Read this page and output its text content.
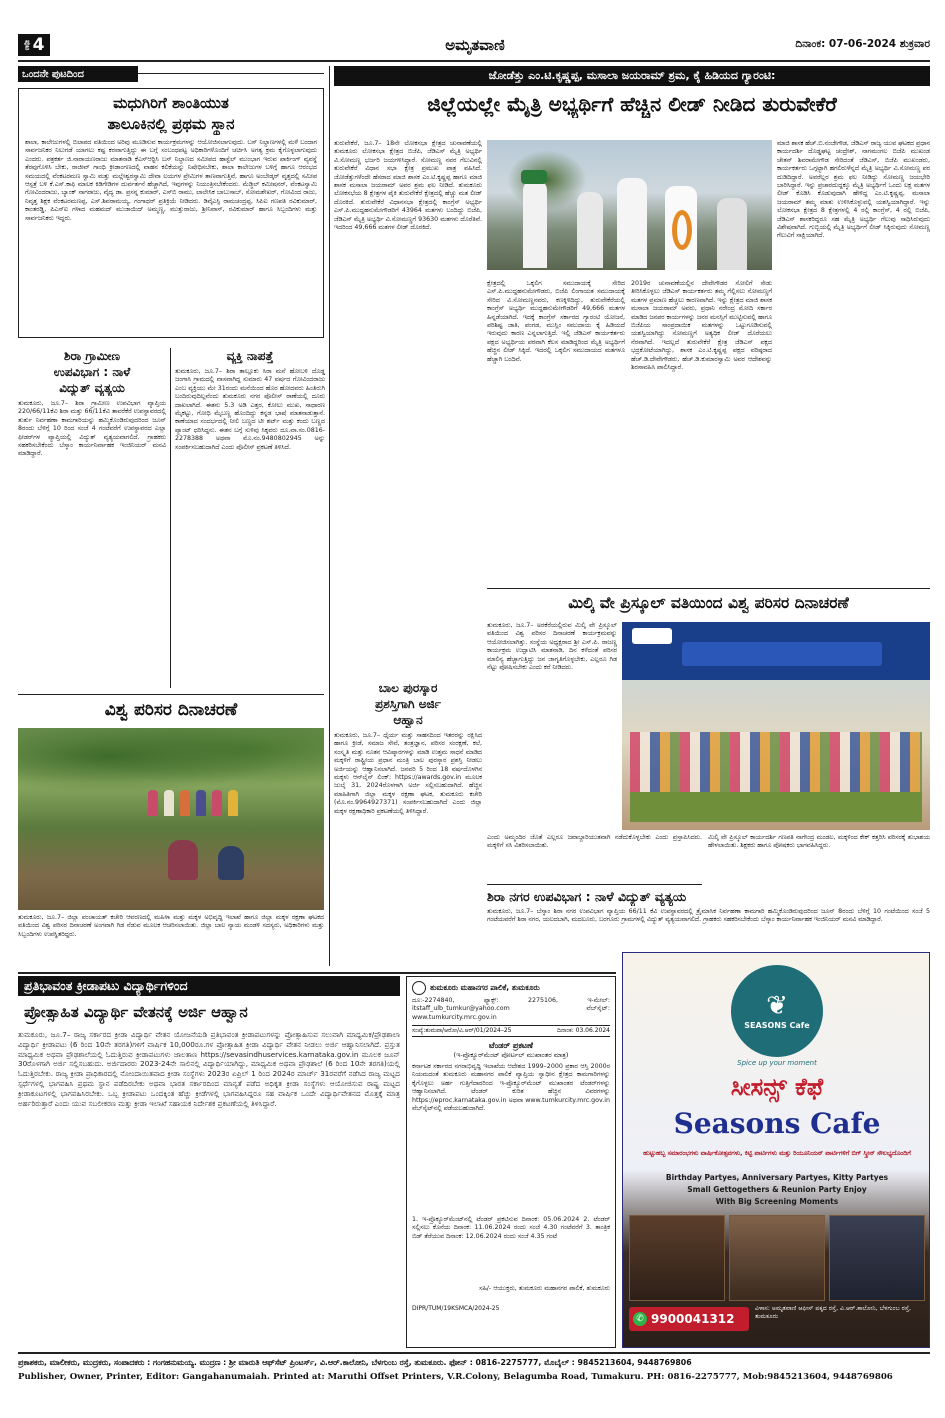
ಪುಟ 4	ಅಮೃತವಾಣಿ	ದಿನಾಂಕ: 07-06-2024 ಶುಕ್ರವಾರ
ಒಂದನೇ ಪುಟದಿಂದ
ಮಧುಗಿರಿಗೆ ಶಾಂತಿಯುತ
ತಾಲೂಕಿನಲ್ಲಿ ಪ್ರಥಮ ಸ್ಥಾನ
ಶಾಲಾ, ಕಾಲೇಜುಗಳಲ್ಲಿ ಬಿಲಾಪದ ವತಿಯಿಂದ ಅರಿವು ಮೂಡಿಸುವ ಕಾರ್ಯಕ್ರಮಗಳನ್ನು ಆಯೋಜಿಸಲಾಗುವುದು. ಬಸ್ ನಿಲ್ದಾಣಗಳಲ್ಲಿ ಮಳೆ ಬಂದಾಗ ಸಾರ್ವಜನಿಕರ ನಿಲುಗಡೆ ಯಾಗಲು ಕಷ್ಟ ಕರವಾಗುತ್ತಿದ್ದು ಈ ಬಗ್ಗೆ ಸಂಬಂಧಪಟ್ಟ ಅಧಿಕಾರಿಗಳೊಂದಿಗೆ ಚರ್ಚಿಸಿ ಅಗತ್ಯ ಕ್ರಮ ಕೈಗೊಳ್ಳಲಾಗುವುದು ಎಂದರು. ಪತ್ರಕರ್ತ ಜಿ.ನಾರಾಯಣರಾಜು ಮಾತನಾಡಿ ಕೆಎಸ್‍ಆರ್‍ಟಿಸಿ ಬಸ್ ನಿಲ್ದಾಣದ ಸಮೀಪದ ಹಾಸ್ಟೆಲ್ ಮುಂಭಾಗ ಇರುವ ಪಾರ್ಕಿಂಗ್ ವ್ಯವಸ್ಥೆ ತೆರವುಗೊಳಿಸಿ ಬೇಕು, ರಾಜೀವ್ ಗಾಂಧಿ ಕ್ರೀಡಾಂಗಣದಲ್ಲಿ ವಾಹನ ಕಲಿಕೆಯನ್ನು ನಿಷೇಧಿಸಬೇಕು, ಶಾಲಾ ಕಾಲೇಜುಗಳ ಬಳಿಗ್ಗೆ ಹಾಗೂ ಆರಂಭದ ಸಮಯದಲ್ಲಿ ವೆಂಕಟರಮಣ ಸ್ವಾಮಿ ಮತ್ತು ಮಲ್ಲೇಶ್ವರಸ್ವಾಮಿ ದೇವಾ ಲಯಗಳ ಪ್ರೇಮಿಗಳ ತಾಣವಾಗುತ್ತಿವೆ, ಹಾಗೂ ಅಂಬೇಡ್ಕರ್ ವೃತ್ತದಲ್ಲಿ ಸಮೀಪ ಆಸ್ಪತ್ರೆ ಬಳಿ ಕೆ.ಎಸ್.ಕಾಫಿ ಮಾಲಕ ಕಿಡಿಗೇಡಿಗಳ ದುರ್ವರ್ತನೆ ಹೆಚ್ಚಾಗಿದೆ, ಇವುಗಳನ್ನು ನಿಯಂತ್ರಿಸಬೇಕೆಂದರು. ಮೆಡ್ಜಿಲ್ ಕಮೀಷನರ್, ವೆಂಕಟಸ್ವಾಮಿ ಗೋವಿಂದರಾಜು, ಬ್ಯಾಂಕ್ ನಾಗರಾಜು, ವೈದ್ಯ ಡಾ. ಪ್ರಸನ್ನ ಕುಮಾರ್, ಎಸ್‍ಬಿ ರಾಮು, ಲಾಲೇಸಿಕ ಬಾಬುಸಾಬ್, ಸೋಮಶೇಖರ್, ಗೋವಿಂದ ರಾಜು, ನಿವೃತ್ತ ಶಿಕ್ಷಕ ವೆಂಕಟರಮಣಪ್ಪ, ಎಸ್.ಶಿವರಾಮಯ್ಯ, ಗಂಗಾಧರ್ ಪ್ರತಿಕ್ರಿಯೆ ನೀಡಿದರು. ಡಿವೈಎಸ್ಪಿ ರಾಮಚಂದ್ರಪ್ಪ, ಸಿಪಿಐ ಗಣಪತಿ ರವಿಕುಮಾರ್, ಕಾಂತರಡ್ಡಿ, ಪಿಎಸ್ಐ ಗಳಾದ ಮಹಮದ್ ಮುಜಾಯಿದ್ ಅಮ್ಮಣ್ಣ, ಮುತ್ತುರಾಜು, ಶ್ರೀನಿವಾಸ್, ರವಿಕುಮಾರ್ ಹಾಗೂ ಸಿಬ್ಬಂದಿಗಳು ಮತ್ತು ಸಾರ್ವಜನಿಕರು ಇದ್ದರು.
ಶಿರಾ ಗ್ರಾಮೀಣ
ಉಪವಿಭಾಗ : ನಾಳೆ
ವಿದ್ಯುತ್ ವ್ಯತ್ಯಯ
ತುಮಕೂರು, ಜೂ.7– ಶಿರಾ ಗ್ರಾಮೀಣ ಉಪವಿಭಾಗ ವ್ಯಾಪ್ತಿಯ 220/66/11ಕೆವಿ ಶಿರಾ ಮತ್ತು 66/11ಕೆವಿ ತಾವರೆಕೆರೆ ಉಪಸ್ಥಾವರದಲ್ಲಿ ತುರ್ತು ನಿರ್ವಹಣಾ ಕಾಮಗಾರಿಯನ್ನು ಹಮ್ಮಿಕೊಂಡಿರುವುದರಿಂದ ಜೂನ್ 8ರಂದು ಬೆಳಿಗ್ಗೆ 10 ರಿಂದ ಸಂಜೆ 4 ಗಂಟೆವರೆಗೆ ಉಪಸ್ಥಾವರದ ಎಲ್ಲಾ ಫೀಡರ್‌ಗಳ ವ್ಯಾಪ್ತಿಯಲ್ಲಿ ವಿದ್ಯುತ್ ವ್ಯತ್ಯಯವಾಗಲಿದೆ. ಗ್ರಾಹಕರು ಸಹಕರಿಸಬೇಕೆಂದು ಬೆಸ್ಕಾಂ ಕಾರ್ಯನಿರ್ವಾಹಕ ಇಂಜಿನಿಯರ್ ಮನವಿ ಮಾಡಿದ್ದಾರೆ.
ವ್ಯಕ್ತಿ ನಾಪತ್ತೆ
ತುಮಕೂರು, ಜೂ.7– ಶಿರಾ ತಾಲ್ಲೂಕು ಸಿರಾ ಮನೆ ಹೋಬಳಿ ದೊಡ್ಡ ಜಂಗಾಸಿ ಗ್ರಾಮದಲ್ಲಿ ವಾಸವಾಗಿದ್ದ ಸುಮಾರು 47 ವರ್ಷದ ಗೋವಿಂದರಾಜು ಎಂಬ ವ್ಯಕ್ತಿಯು ಮೇ 31ರಂದು ಮನೆಯಿಂದ ಹೊರ ಹೋದವರು ಹಿಂತಿರುಗಿ ಬಂದಿರುವುದಿಲ್ಲವೆಂದು ತುಮಕೂರು ನಗರ ಪೊಲೀಸ್ ಠಾಣೆಯಲ್ಲಿ ದೂರು ದಾಖಲಾಗಿದೆ. ಈತನು 5.3 ಅಡಿ ಎತ್ತರ, ಕೋಲು ಮುಖ, ಸಾಧಾರಣ ಮೈಕಟ್ಟು, ಗೋಧಿ ಮೈಬಣ್ಣ ಹೊಂದಿದ್ದು ಕನ್ನಡ ಭಾಷೆ ಮಾತನಾಡುತ್ತಾನೆ. ಕಾಣೆಯಾದ ಸಂದರ್ಭದಲ್ಲಿ ನೀಲಿ ಬಣ್ಣದ ಟೀ ಶರ್ಟ್ ಮತ್ತು ಕಂದು ಬಣ್ಣದ ಪ್ಯಾಂಟ್ ಧರಿಸಿದ್ದನು. ಈತನ ಬಗ್ಗೆ ಸುಳಿವು ಸಿಕ್ಕವರು ದೂ.ವಾ.ಸಂ.0816-2278388 ಅಥವಾ ಮೊ.ನಂ.9480802945 ಅನ್ನು ಸಂಪರ್ಕಿಸಬಹುದಾಗಿದೆ ಎಂದು ಪೊಲೀಸ್ ಪ್ರಕಟಣೆ ತಿಳಿಸಿದೆ.
ವಿಶ್ವ ಪರಿಸರ ದಿನಾಚರಣೆ
ತುಮಕೂರು, ಜೂ.7– ಜಿಲ್ಲಾ ಪಂಚಾಯತ್ ಕಚೇರಿ ಆವರಣದಲ್ಲಿ ಮಹಿಳಾ ಮತ್ತು ಮಕ್ಕಳ ಅಭಿವೃದ್ಧಿ ಇಲಾಖೆ ಹಾಗೂ ಜಿಲ್ಲಾ ಮಕ್ಕಳ ರಕ್ಷಣಾ ಘಟಕದ ವತಿಯಿಂದ ವಿಶ್ವ ಪರಿಸರ ದಿನಾಚರಣೆ ಅಂಗವಾಗಿ ಗಿಡ ನೆಡುವ ಮೂಲಕ ಆಚರಿಸಲಾಯಿತು. ಜಿಲ್ಲಾ ಬಾಲ ನ್ಯಾಯ ಮಂಡಳಿ ಸದಸ್ಯರು, ಅಧಿಕಾರಿಗಳು ಮತ್ತು ಸಿಬ್ಬಂದಿಗಳು ಉಪಸ್ಥಿತರಿದ್ದರು.
ಬಾಲ ಪುರಸ್ಕಾರ
ಪ್ರಶಸ್ತಿಗಾಗಿ ಅರ್ಜಿ
ಆಹ್ವಾನ
ತುಮಕೂರು, ಜೂ.7– ಧೈರ್ಯ ಮತ್ತು ಸಾಹಸದಿಂದ ಇತರರನ್ನು ರಕ್ಷಿಸಿದ ಹಾಗೂ ಕ್ರೀಡೆ, ಸಮಾಜ ಸೇವೆ, ತಂತ್ರಜ್ಞಾನ, ಪರಿಸರ ಸಂರಕ್ಷಣೆ, ಕಲೆ, ಸಂಸ್ಕೃತಿ ಮತ್ತು ನೂತನ ಆವಿಷ್ಕಾರಗಳನ್ನು ಮಾಡಿ ಉತ್ತಮ ಸಾಧನೆ ಮಾಡಿದ ಮಕ್ಕಳಿಗೆ ರಾಷ್ಟ್ರೀಯ ಪ್ರಧಾನ ಮಂತ್ರಿ ಬಾಲ ಪುರಸ್ಕಾರ ಪ್ರಶಸ್ತಿ ನೀಡಲು ಅರ್ಜಿಯನ್ನು ಆಹ್ವಾನಿಸಲಾಗಿದೆ. ಜನವರಿ 5 ರಿಂದ 18 ವರ್ಷದೊಳಗಿನ ಮಕ್ಕಳು ಆನ್‍ಲೈನ್ ಲಿಂಕ್: https://awards.gov.in ಮೂಲಕ ಜುಲೈ 31, 2024ರೊಳಗಾಗಿ ಅರ್ಜಿ ಸಲ್ಲಿಸಬಹುದಾಗಿದೆ. ಹೆಚ್ಚಿನ ಮಾಹಿತಿಗಾಗಿ ಜಿಲ್ಲಾ ಮಕ್ಕಳ ರಕ್ಷಣಾ ಘಟಕ, ತುಮಕೂರು ಕಚೇರಿ (ಮೊ.ನಂ.9964927371) ಸಂಪರ್ಕಿಸಬಹುದಾಗಿದೆ ಎಂದು ಜಿಲ್ಲಾ ಮಕ್ಕಳ ರಕ್ಷಣಾಧಿಕಾರಿ ಪ್ರಕಟಣೆಯಲ್ಲಿ ತಿಳಿಸಿದ್ದಾರೆ.
ಜೋಡೆತ್ತು ಎಂ.ಟಿ.ಕೃಷ್ಣಪ್ಪ, ಮಸಾಲಾ ಜಯರಾಮ್ ಶ್ರಮ, ಕೈ ಹಿಡಿಯದ ಗ್ಯಾರಂಟಿ:
ಜಿಲ್ಲೆಯಲ್ಲೇ ಮೈತ್ರಿ ಅಭ್ಯರ್ಥಿಗೆ ಹೆಚ್ಚಿನ ಲೀಡ್ ನೀಡಿದ ತುರುವೇಕೆರೆ
ತುರುವೇಕೆರೆ, ಜೂ.7– 18ನೇ ಲೋಕಸಭಾ ಕ್ಷೇತ್ರದ ಚುನಾವಣೆಯಲ್ಲಿ ತುಮಕೂರು ಲೋಕಸಭಾ ಕ್ಷೇತ್ರದ ಬಿಜೆಪಿ, ಜೆಡಿಎಸ್ ಮೈತ್ರಿ ಅಭ್ಯರ್ಥಿ ವಿ.ಸೋಮಣ್ಣ ಭರ್ಜರಿ ಜಯಗಳಿಸಿದ್ದಾರೆ. ಸೋಮಣ್ಣ ನವರ ಗೆಲುವಿನಲ್ಲಿ ತುರುವೇಕೆರೆ ವಿಧಾನ ಸಭಾ ಕ್ಷೇತ್ರ ಪ್ರಮುಖ ಪಾತ್ರ ವಹಿಸಿದೆ. ಜೋಡೆತ್ತುಗಳೆಂದೇ ಹೆಸರಾದ ಮಾಜಿ ಶಾಸಕ ಎಂ.ಟಿ.ಕೃಷ್ಣಪ್ಪ ಹಾಗೂ ಮಾಜಿ ಶಾಸಕ ಮಸಾಲಾ ಜಯರಾಮ್ ಅವರ ಶ್ರಮ ಫಲ ನೀಡಿದೆ. ತುಮಕೂರು ಲೋಕಸಭೆಯ 8 ಕ್ಷೇತ್ರಗಳ ಪೈಕಿ ತುರುವೇಕೆರೆ ಕ್ಷೇತ್ರದಲ್ಲಿ ಹೆಚ್ಚು ಮತ ಲೀಡ್ ದೊರಕಿದೆ. ತುರುವೇಕೆರೆ ವಿಧಾನಸಭಾ ಕ್ಷೇತ್ರದಲ್ಲಿ ಕಾಂಗ್ರೆಸ್ ಅಭ್ಯರ್ಥಿ ಎಸ್.ಪಿ.ಮುದ್ದಹನುಮೇಗೌಡರಿಗೆ 43964 ಮತಗಳು ಬಂದಿದ್ದು ಬಿಜೆಪಿ, ಜೆಡಿಎಸ್ ಮೈತ್ರಿ ಅಭ್ಯರ್ಥಿ ವಿ.ಸೋಮಣ್ಣಗೆ 93630 ಮತಗಳು ದೊರೆತಿವೆ. ಇದರಿಂದ 49,666 ಮತಗಳ ಲೀಡ್ ದೊರಕಿದೆ.
ಕ್ಷೇತ್ರದಲ್ಲಿ ಒಕ್ಕಲಿಗ ಸಮುದಾಯಕ್ಕೆ ಸೇರಿದ ಎಸ್.ಪಿ.ಮುದ್ದಹನುಮೇಗೌಡರು, ಬಿಜೆಪಿ ಲಿಂಗಾಯತ ಸಮುದಾಯಕ್ಕೆ ಸೇರಿದ ವಿ.ಸೋಮಣ್ಣನವರು, ಕಣಕ್ಕಿಳಿದಿದ್ದು, ತುರುವೇಕೆರೆಯಲ್ಲಿ ಕಾಂಗ್ರೆಸ್ ಅಭ್ಯರ್ಥಿ ಮುದ್ದಹನುಮೇಗೌಡರಿಗೆ 49,666 ಮತಗಳ ಹಿನ್ನಡೆಯಾಗಿದೆ. ಇದಕ್ಕೆ ಕಾಂಗ್ರೆಸ್ ಸರ್ಕಾರದ ಗ್ಯಾರಂಟಿ ಯೋಜನೆ, ಪರಿಶಿಷ್ಟ ಜಾತಿ, ಪಂಗಡ, ಮುಸ್ಲಿಂ ಸಮುದಾಯ ಕೈ ಹಿಡಿಯದೆ ಇರುವುದು ಕಾರಣ ಎನ್ನಲಾಗುತ್ತಿದೆ. ಇಲ್ಲಿ ಜೆಡಿಎಸ್ ಕಾರ್ಯಕರ್ತರು ಪಕ್ಷದ ಅಭ್ಯರ್ಥಿಯ ಪರವಾಗಿ ಕೆಲಸ ಮಾಡಿದ್ದರಿಂದ ಮೈತ್ರಿ ಅಭ್ಯರ್ಥಿಗೆ ಹೆಚ್ಚಿನ ಲೀಡ್ ಸಿಕ್ಕಿದೆ. ಇದರಲ್ಲಿ ಒಕ್ಕಲಿಗ ಸಮುದಾಯದ ಮತಗಳೂ ಹೆಚ್ಚಾಗಿ ಬಂದಿವೆ.
2019ರ ಚುನಾವಣೆಯಲ್ಲಿನ ದೇವೇಗೌಡರ ಸೋಲಿಗೆ ಸೇಡು ತೀರಿಸಿಕೊಳ್ಳಲು ಜೆಡಿಎಸ್ ಕಾರ್ಯಕರ್ತರು ತಮ್ಮ ಗೆಲ್ಲಿಸಲು ಸೋಮಣ್ಣಗೆ ಮತಗಳ ಪ್ರಮಾಣ ಹೆಚ್ಚಲು ಕಾರಣವಾಗಿದೆ. ಇನ್ನು ಕ್ಷೇತ್ರದ ಮಾಜಿ ಶಾಸಕ ಮಸಾಲಾ ಜಯರಾಮ್ ಅವರು, ಪ್ರಧಾನಿ ನರೇಂದ್ರ ಮೋದಿ ಸರ್ಕಾರ ಮಾಡಿದ ಜನಪರ ಕಾರ್ಯಗಳನ್ನು ಜನರ ಮನಸ್ಸಿಗೆ ಮುಟ್ಟಿಸುವಲ್ಲಿ ಹಾಗೂ ಬಿಜೆಪಿಯ ಸಾಂಪ್ರದಾಯಿಕ ಮತಗಳನ್ನು ಒಟ್ಟುಗೂಡಿಸುವಲ್ಲಿ ಯಶಸ್ವಿಯಾಗಿದ್ದು ಸೋಮಣ್ಣಗೆ ಅತ್ಯಧಿಕ ಲೀಡ್ ದೊರೆಯಲು ನೆರವಾಗಿದೆ. ಇದಲ್ಲದೆ ತುರುವೇಕೆರೆ ಕ್ಷೇತ್ರ ಜೆಡಿಎಸ್ ಪಕ್ಷದ ಭದ್ರಕೋಟೆಯಾಗಿದ್ದು, ಶಾಸಕ ಎಂ.ಟಿ.ಕೃಷ್ಣಪ್ಪ ಪಕ್ಷದ ವರಿಷ್ಠರಾದ ಹೆಚ್.ಡಿ.ದೇವೇಗೌಡರು, ಹೆಚ್.ಡಿ.ಕುಮಾರಸ್ವಾಮಿ ಅವರ ಆದೇಶವನ್ನು ಶಿರಸಾವಹಿಸಿ ಪಾಲಿಸಿದ್ದಾರೆ.
ಮಾಜಿ ಶಾಸಕ ಹೆಚ್.ಬಿ.ನಂಜೇಗೌಡ, ಜೆಡಿಎಸ್ ರಾಜ್ಯ ಯುವ ಘಟಕದ ಪ್ರಧಾನ ಕಾರ್ಯದರ್ಶಿ ದೊಡ್ಡಘಟ್ಟ ಚಂದ್ರೇಶ್, ನಾಗಮಂಗಲ ಬಿಜೆಪಿ ಮುಖಂಡ ಚೇತನ್ ಶಿವರಾಮೇಗೌಡ ಸೇರಿದಂತೆ ಜೆಡಿಎಸ್, ಬಿಜೆಪಿ ಮುಖಂಡರು, ಕಾರ್ಯಕರ್ತರು ಒಗ್ಗಟ್ಟಾಗಿ ಹಗಲಿರುಳೆನ್ನದೆ ಮೈತ್ರಿ ಅಭ್ಯರ್ಥಿ ವಿ.ಸೋಮಣ್ಣ ಪರ ದುಡಿದಿದ್ದಾರೆ. ಅವರೆಲ್ಲರ ಶ್ರಮ ಫಲ ನೀಡಿದ್ದು ಸೋಮಣ್ಣ ಜಯಭೇರಿ ಬಾರಿಸಿದ್ದಾರೆ. ಇನ್ನು ಪ್ರಚಾರದುದ್ದಕ್ಕೂ ಮೈತ್ರಿ ಅಭ್ಯರ್ಥಿಗೆ ಒಂದು ಲಕ್ಷ ಮತಗಳ ಲೀಡ್ ಕೊಡಿಸಿ ಕೊಡುವುದಾಗಿ ಹೇಳಿದ್ದ ಎಂ.ಟಿ.ಕೃಷ್ಣಪ್ಪ, ಮಸಾಲಾ ಜಯರಾಮ್ ತಮ್ಮ ಮಾತು ಉಳಿಸಿಕೊಳ್ಳುವಲ್ಲಿ ಯಶಸ್ವಿಯಾಗಿದ್ದಾರೆ. ಇನ್ನು ಲೋಕಸಭಾ ಕ್ಷೇತ್ರದ 8 ಕ್ಷೇತ್ರಗಳಲ್ಲಿ 4 ರಲ್ಲಿ ಕಾಂಗ್ರೆಸ್, 4 ರಲ್ಲಿ ಬಿಜೆಪಿ, ಜೆಡಿಎಸ್ ಶಾಸಕರಿದ್ದರೂ ಸಹ ಮೈತ್ರಿ ಅಭ್ಯರ್ಥಿ ಗೆಲುವು ಸಾಧಿಸಿರುವುದು ವಿಶೇಷವಾಗಿದೆ. ಗುಬ್ಬಿಯಲ್ಲಿ ಮೈತ್ರಿ ಅಭ್ಯರ್ಥಿಗೆ ಲೀಡ್ ಸಿಕ್ಕಿರುವುದು ಸೋಮಣ್ಣ ಗೆಲುವಿಗೆ ಸಾಕ್ಷಿಯಾಗಿದೆ.
ಮಿಲ್ಕಿ ವೇ ಪ್ರಿಸ್ಕೂಲ್ ವತಿಯಿಂದ ವಿಶ್ವ ಪರಿಸರ ದಿನಾಚರಣೆ
ತುಮಕೂರು, ಜೂ.7– ಅರಕೆರೆಯಲ್ಲಿರುವ ಮಿಲ್ಕಿ ವೇ ಪ್ರಿಸ್ಕೂಲ್ ವತಿಯಿಂದ ವಿಶ್ವ ಪರಿಸರ ದಿನಾಚರಣೆ ಕಾರ್ಯಕ್ರಮವನ್ನು ಆಯೋಜಿಸಲಾಗಿತ್ತು. ಸಂಸ್ಥೆಯ ಅಧ್ಯಕ್ಷರಾದ ಶ್ರೀ ಎಸ್.ಪಿ. ರಾಜಣ್ಣ ಕಾರ್ಯಕ್ರಮ ಉದ್ಘಾಟಿಸಿ ಮಾತನಾಡಿ, ದಿನ ಕಳೆದಂತೆ ಪರಿಸರ ಮಾಲಿನ್ಯ ಹೆಚ್ಚಾಗುತ್ತಿದ್ದು ಜನ ಜಾಗೃತಿಗೊಳ್ಳಬೇಕು, ಎಲ್ಲರೂ ಗಿಡ ನೆಟ್ಟು ಪೋಷಿಸಬೇಕು ಎಂದು ಕರೆ ನೀಡಿದರು.
ಎಂದು ಅಮ್ಮಂದಿರ ಜೊತೆ ಎಲ್ಲರೂ ಜವಾಬ್ದಾರಿಯುತವಾಗಿ ನಡೆದುಕೊಳ್ಳಬೇಕು ಎಂದು ಪ್ರಸ್ತಾಪಿಸಿದರು. ಮಕ್ಕಳಿಗೆ ಸಸಿ ವಿತರಿಸಲಾಯಿತು.
ಮಿಲ್ಕಿ ವೇ ಪ್ರಿಸ್ಕೂಲ್ ಕಾರ್ಯದರ್ಶಿ ಗಣಪತಿ ನಾಗೇಂದ್ರ ಮಂಡಲ, ಮಕ್ಕಳಿಂದ ಕೇಕ್ ಕತ್ತರಿಸಿ ಪರಿಸರಕ್ಕೆ ಶುಭಾಶಯ ಹೇಳಲಾಯಿತು. ಶಿಕ್ಷಕರು ಹಾಗೂ ಪೋಷಕರು ಭಾಗವಹಿಸಿದ್ದರು.
ಶಿರಾ ನಗರ ಉಪವಿಭಾಗ : ನಾಳೆ ವಿದ್ಯುತ್ ವ್ಯತ್ಯಯ
ತುಮಕೂರು, ಜೂ.7– ಬೆಸ್ಕಾಂ ಶಿರಾ ನಗರ ಉಪವಿಭಾಗ ವ್ಯಾಪ್ತಿಯ 66/11 ಕೆವಿ ಉಪಸ್ಥಾವರದಲ್ಲಿ ತ್ರೈಮಾಸಿಕ ನಿರ್ವಹಣಾ ಕಾಮಗಾರಿ ಹಮ್ಮಿಕೊಂಡಿರುವುದರಿಂದ ಜೂನ್ 8ರಂದು ಬೆಳಿಗ್ಗೆ 10 ಗಂಟೆಯಿಂದ ಸಂಜೆ 5 ಗಂಟೆಯವರೆಗೆ ಶಿರಾ ನಗರ, ಯಲದಬಾಗಿ, ಮದಲೂರು, ಬರಗೂರು ಗ್ರಾಮಗಳಲ್ಲಿ ವಿದ್ಯುತ್ ವ್ಯತ್ಯಯವಾಗಲಿದೆ. ಗ್ರಾಹಕರು ಸಹಕರಿಸಬೇಕೆಂದು ಬೆಸ್ಕಾಂ ಕಾರ್ಯನಿರ್ವಾಹಕ ಇಂಜಿನಿಯರ್ ಮನವಿ ಮಾಡಿದ್ದಾರೆ.
ಪ್ರತಿಭಾವಂತ ಕ್ರೀಡಾಪಟು ವಿದ್ಯಾರ್ಥಿಗಳಿಂದ
ಪ್ರೋತ್ಸಾಹಿತ ವಿದ್ಯಾರ್ಥಿ ವೇತನಕ್ಕೆ ಅರ್ಜಿ ಆಹ್ವಾನ
ತುಮಕೂರು, ಜೂ.7– ರಾಜ್ಯ ಸರ್ಕಾರದ ಕ್ರೀಡಾ ವಿದ್ಯಾರ್ಥಿ ವೇತನ ಯೋಜನೆಯಡಿ ಪ್ರತಿಭಾವಂತ ಕ್ರೀಡಾಪಟುಗಳನ್ನು ಪ್ರೋತ್ಸಾಹಿಸುವ ಸಲುವಾಗಿ ಮಾಧ್ಯಮಿಕ/ಪ್ರೌಢಶಾಲಾ ವಿದ್ಯಾರ್ಥಿ ಕ್ರೀಡಾಪಟು (6 ರಿಂದ 10ನೇ ತರಗತಿ)ಗಳಿಗೆ ವಾರ್ಷಿಕ 10,000ರೂ.ಗಳ ಪ್ರೋತ್ಸಾಹಿತ ಕ್ರೀಡಾ ವಿದ್ಯಾರ್ಥಿ ವೇತನ ನೀಡಲು ಅರ್ಜಿ ಆಹ್ವಾನಿಸಲಾಗಿದೆ. ಪ್ರಸ್ತುತ ಮಾಧ್ಯಮಿಕ ಅಥವಾ ಪ್ರೌಢಶಾಲೆಯಲ್ಲಿ ಓದುತ್ತಿರುವ ಕ್ರೀಡಾಪಟುಗಳು ಜಾಲತಾಣ https://sevasindhuservices.karnataka.gov.in ಮೂಲಕ ಜೂನ್ 30ರೊಳಗಾಗಿ ಅರ್ಜಿ ಸಲ್ಲಿಸಬಹುದು. ಅರ್ಜಿದಾರರು 2023-24ನೇ ಸಾಲಿನಲ್ಲಿ ವಿದ್ಯಾರ್ಥಿಯಾಗಿದ್ದು, ಮಾಧ್ಯಮಿಕ ಅಥವಾ ಪ್ರೌಢಶಾಲೆ (6 ರಿಂದ 10ನೇ ತರಗತಿ)ಯಲ್ಲಿ ಓದುತ್ತಿರಬೇಕು. ರಾಜ್ಯ ಕ್ರೀಡಾ ಪ್ರಾಧಿಕಾರದಲ್ಲಿ ನೋಂದಾಯಿತವಾದ ಕ್ರೀಡಾ ಸಂಸ್ಥೆಗಳು 2023ರ ಏಪ್ರಿಲ್ 1 ರಿಂದ 2024ರ ಮಾರ್ಚ್ 31ರವರೆಗೆ ನಡೆಸಿದ ರಾಜ್ಯ ಮಟ್ಟದ ಸ್ಪರ್ಧೆಗಳಲ್ಲಿ ಭಾಗವಹಿಸಿ ಪ್ರಥಮ ಸ್ಥಾನ ಪಡೆದಿರಬೇಕು ಅಥವಾ ಭಾರತ ಸರ್ಕಾರದಿಂದ ಮಾನ್ಯತೆ ಪಡೆದ ಅಧಿಕೃತ ಕ್ರೀಡಾ ಸಂಸ್ಥೆಗಳು ಆಯೋಜಿಸುವ ರಾಷ್ಟ್ರ ಮಟ್ಟದ ಕ್ರೀಡಾಕೂಟಗಳಲ್ಲಿ ಭಾಗವಹಿಸಿರಬೇಕು. ಒಬ್ಬ ಕ್ರೀಡಾಪಟು ಒಂದಕ್ಕಿಂತ ಹೆಚ್ಚು ಕ್ರೀಡೆಗಳಲ್ಲಿ ಭಾಗವಹಿಸಿದ್ದರೂ ಸಹ ವಾರ್ಷಿಕ ಒಂದೇ ವಿದ್ಯಾರ್ಥಿವೇತನದ ಮೊತ್ತಕ್ಕೆ ಮಾತ್ರ ಅರ್ಹರಿರುತ್ತಾರೆ ಎಂದು ಯುವ ಸಬಲೀಕರಣ ಮತ್ತು ಕ್ರೀಡಾ ಇಲಾಖೆ ಸಹಾಯಕ ನಿರ್ದೇಶಕ ಪ್ರಕಟಣೆಯಲ್ಲಿ ತಿಳಿಸಿದ್ದಾರೆ.
ತುಮಕೂರು ಮಹಾನಗರ ಪಾಲಿಕೆ, ತುಮಕೂರು
ದೂ:-2274840, ಫ್ಯಾಕ್ಸ್: 2275106, ಇ-ಮೇಲ್: itstaff_ulb_tumkur@yahoo.com ವೆಬ್‌ಸೈಟ್: www.tumkurcity.mrc.gov.in
ಸಂಖ್ಯೆ:ತುಮಪಾ/ಆರೋ/ವಿ.ಆರ್/01/2024–25	ದಿನಾಂಕ: 03.06.2024
ಟೆಂಡರ್ ಪ್ರಕಟಣೆ
(ಇ-ಪ್ರೊಕ್ಯೂರ್‌ಮೆಂಟ್ ಪೋರ್ಟಲ್ ಮುಖಾಂತರ ಮಾತ್ರ)
ಕರ್ನಾಟಕ ಸರ್ಕಾರದ ನಗರಾಭಿವೃದ್ಧಿ ಇಲಾಖೆಯ ಆದೇಶದ 1999–2000 ಪ್ರಕಾರ ಆಸ್ತಿ 2000ರ ನಿಯಮದಂತೆ ತುಮಕೂರು ಮಹಾನಗರ ಪಾಲಿಕೆ ವ್ಯಾಪ್ತಿಯ ಸ್ವಾಧೀನ ಕ್ಷೇತ್ರದ ಕಾಮಗಾರಿಗಳನ್ನು ಕೈಗೊಳ್ಳಲು ಅರ್ಹ ಗುತ್ತಿಗೆದಾರರಿಂದ ಇ-ಪ್ರೊಕ್ಯೂರ್‌ಮೆಂಟ್ ಮುಖಾಂತರ ಟೆಂಡರ್‌ಗಳನ್ನು ಆಹ್ವಾನಿಸಲಾಗಿದೆ. ಟೆಂಡರ್ ಕುರಿತ ಹೆಚ್ಚಿನ ವಿವರಗಳನ್ನು https://eproc.karnataka.gov.in ಅಥವಾ www.tumkurcity.mrc.gov.in ವೆಬ್‌ಸೈಟ್‌ನಲ್ಲಿ ಪಡೆಯಬಹುದಾಗಿದೆ.
1. ಇ-ಪ್ರೊಕ್ಯೂರ್‌ಮೆಂಟ್‌ನಲ್ಲಿ ಟೆಂಡರ್ ಪ್ರಕಟಿಸುವ ದಿನಾಂಕ: 05.06.2024 2. ಟೆಂಡರ್ ಸಲ್ಲಿಸಲು ಕೊನೆಯ ದಿನಾಂಕ: 11.06.2024 ರಂದು ಸಂಜೆ 4.30 ಗಂಟೆವರೆಗೆ 3. ತಾಂತ್ರಿಕ ಬಿಡ್ ತೆರೆಯುವ ದಿನಾಂಕ: 12.06.2024 ರಂದು ಸಂಜೆ 4.35 ಗಂಟೆ
ಸಹಿ/- ಆಯುಕ್ತರು, ತುಮಕೂರು ಮಹಾನಗರ ಪಾಲಿಕೆ, ತುಮಕೂರು
DIPR/TUM/19KSMCA/2024-25
❦
SEASONS Cafe
Spice up your moment
ಸೀಸನ್ಸ್ ಕೆಫೆ
Seasons Cafe
ಹುಟ್ಟುಹಬ್ಬ ಸಮಾರಂಭಗಳು ವಾರ್ಷಿಕೋತ್ಸವಗಳು, ಕಿಟ್ಟಿ ಪಾರ್ಟಿಗಳು ಮತ್ತು ರಿಯೂನಿಯನ್ ಪಾರ್ಟಿಗಳಿಗೆ ಬಿಗ್ ಸ್ಕ್ರೀನ್ ಸೌಲಭ್ಯದೊಂದಿಗೆ
Birthday Partyes, Anniversary Partyes, Kitty Partyes
Small Gettogethers & Reunion Party Enjoy
With Big Screening Moments
✆ 9900041312
ವಿಳಾಸ: ಅಮೃತವಾಣಿ ಆಫೀಸ್ ಪಕ್ಕದ ರಸ್ತೆ, ವಿ.ಆರ್.ಕಾಲೋನಿ, ಬೆಳಗುಂಬ ರಸ್ತೆ, ತುಮಕೂರು
ಪ್ರಕಾಶಕರು, ಮಾಲೀಕರು, ಮುದ್ರಕರು, ಸಂಪಾದಕರು : ಗಂಗಹನುಮಯ್ಯ. ಮುದ್ರಣ : ಶ್ರೀ ಮಾರುತಿ ಆಫ್‌ಸೆಟ್ ಪ್ರಿಂಟರ್ಸ್, ವಿ.ಆರ್.ಕಾಲೋನಿ, ಬೆಳಗುಂಬ ರಸ್ತೆ, ತುಮಕೂರು. ಫೋನ್ : 0816-2275777, ಮೊಬೈಲ್ : 9845213604, 9448769806
Publisher, Owner, Printer, Editor: Gangahanumaiah. Printed at: Maruthi Offset Printers, V.R.Colony, Belagumba Road, Tumakuru. PH: 0816-2275777, Mob:9845213604, 9448769806
